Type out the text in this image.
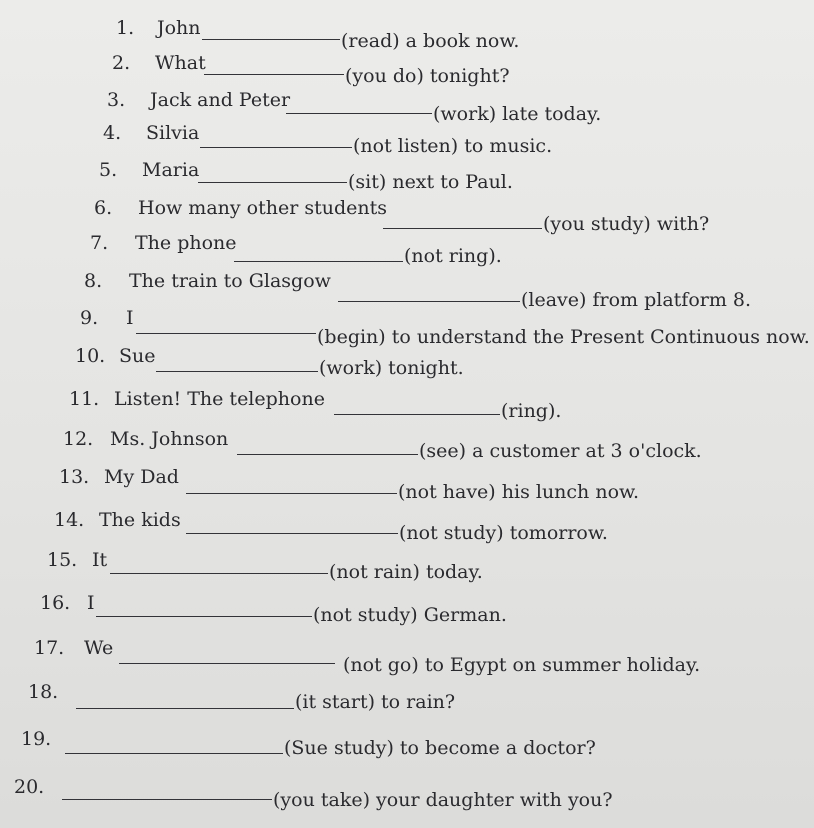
1. John
(read) a book now.
2. What
(you do) tonight?
3. Jack and Peter
(work) late today.
4. Silvia
(not listen) to music.
5. Maria
(sit) next to Paul.
6. How many other students
(you study) with?
7. The phone
(not ring).
8. The train to Glasgow
(leave) from platform 8.
9. I
(begin) to understand the Present Continuous now.
10. Sue
(work) tonight.
11. Listen! The telephone
(ring).
12. Ms. Johnson
(see) a customer at 3 o'clock.
13. My Dad
(not have) his lunch now.
14. The kids
(not study) tomorrow.
15. It
(not rain) today.
16. I
(not study) German.
17. We
(not go) to Egypt on summer holiday.
18.	(it start) to rain?
19.	(Sue study) to become a doctor?
20.
(you take) your daughter with you?
